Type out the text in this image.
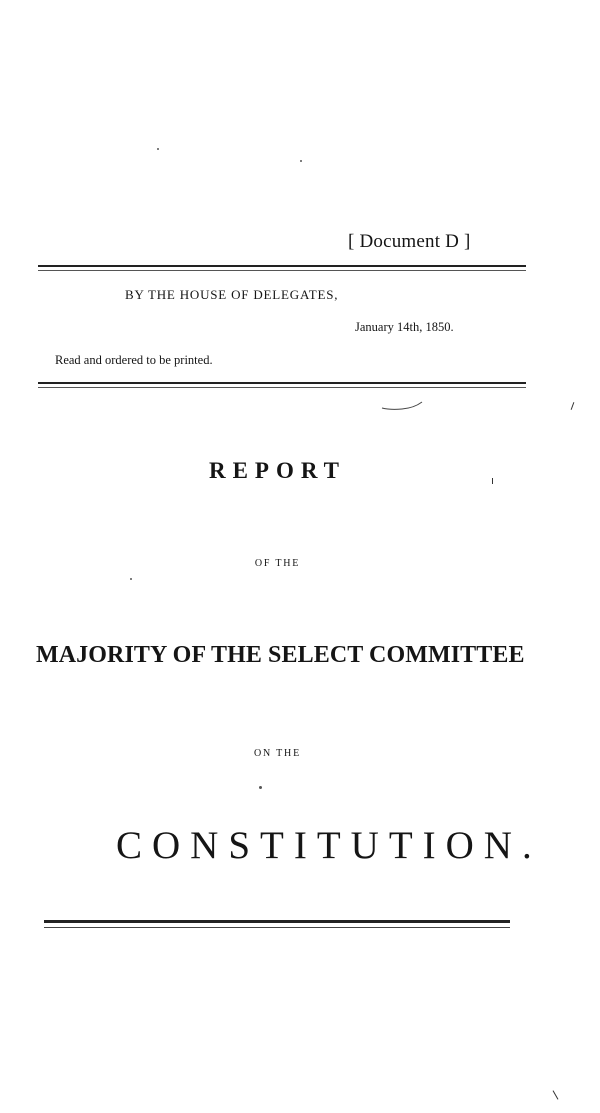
[ Document D ]
BY THE HOUSE OF DELEGATES,
January 14th, 1850.
Read and ordered to be printed.
REPORT
OF THE
MAJORITY OF THE SELECT COMMITTEE
ON THE
CONSTITUTION.
